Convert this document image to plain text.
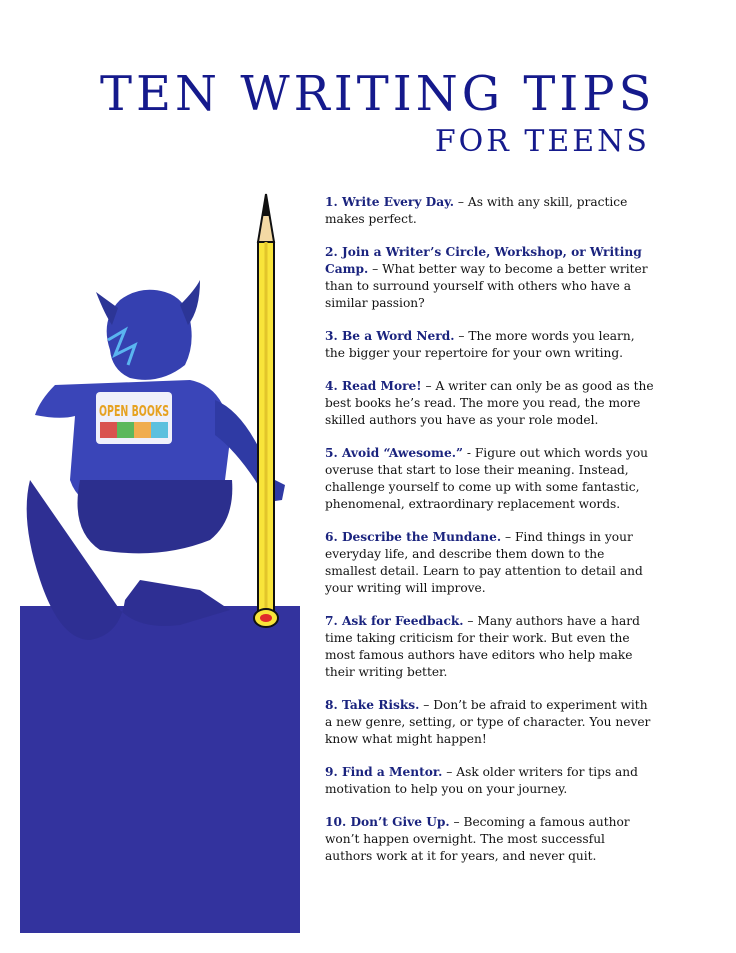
TEN WRITING TIPS
FOR TEENS
OPEN BOOKS
1. Write Every Day. – As with any skill, practice makes perfect.
2. Join a Writer’s Circle, Workshop, or Writing Camp. – What better way to become a better writer than to surround yourself with others who have a similar passion?
3. Be a Word Nerd. – The more words you learn, the bigger your repertoire for your own writing.
4. Read More! – A writer can only be as good as the best books he’s read. The more you read, the more skilled authors you have as your role model.
5. Avoid “Awesome.” - Figure out which words you overuse that start to lose their meaning. Instead, challenge yourself to come up with some fantastic, phenomenal, extraordinary replacement words.
6. Describe the Mundane. – Find things in your everyday life, and describe them down to the smallest detail. Learn to pay attention to detail and your writing will improve.
7. Ask for Feedback. – Many authors have a hard time taking criticism for their work. But even the most famous authors have editors who help make their writing better.
8. Take Risks. – Don’t be afraid to experiment with a new genre, setting, or type of character. You never know what might happen!
9. Find a Mentor. – Ask older writers for tips and motivation to help you on your journey.
10. Don’t Give Up. – Becoming a famous author won’t happen overnight. The most successful authors work at it for years, and never quit.
